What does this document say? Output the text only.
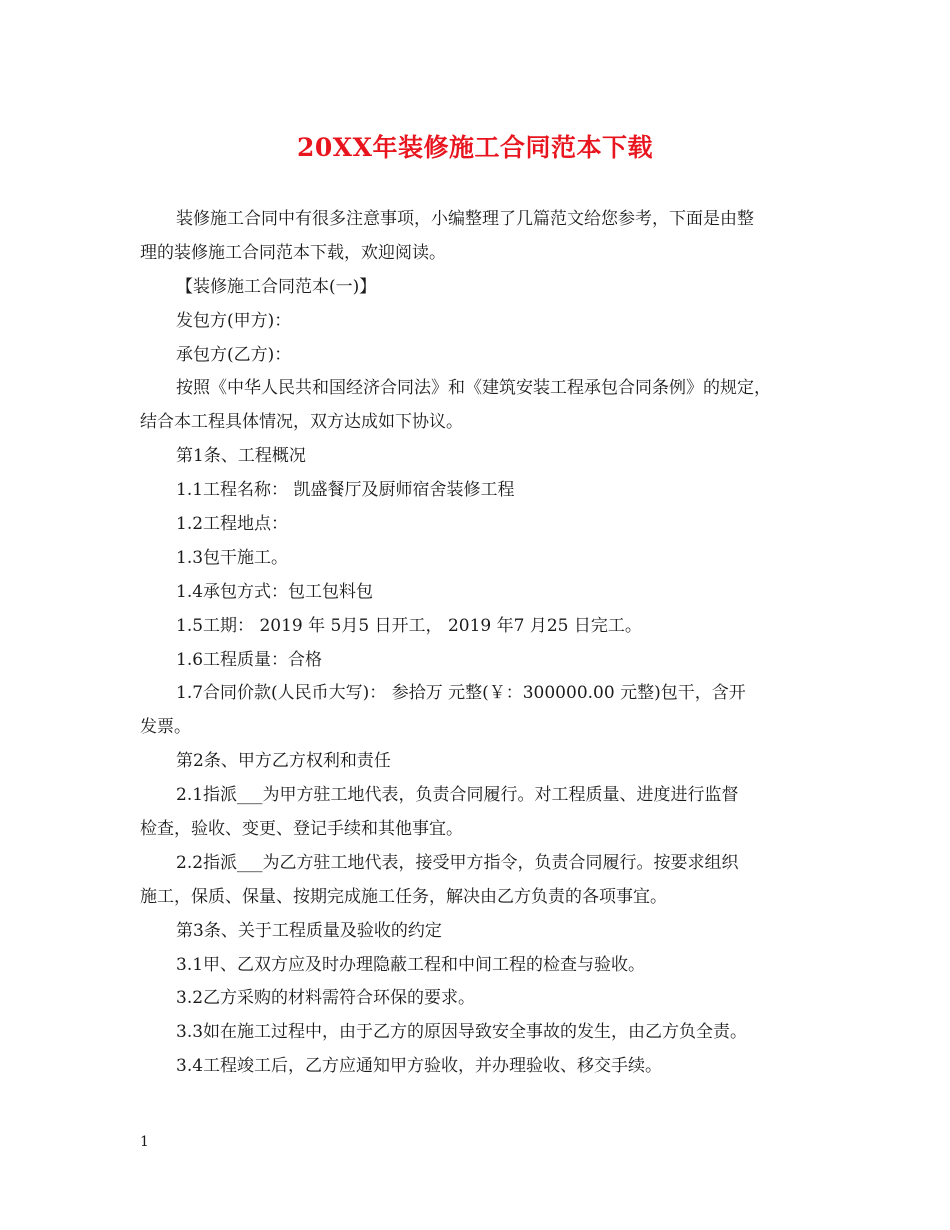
20XX年装修施工合同范本下载
装修施工合同中有很多注意事项，小编整理了几篇范文给您参考，下面是由整
理的装修施工合同范本下载，欢迎阅读。
【装修施工合同范本(一)】
发包方(甲方)：
承包方(乙方)：
按照《中华人民共和国经济合同法》和《建筑安装工程承包合同条例》的规定，
结合本工程具体情况，双方达成如下协议。
第1条、工程概况
1.1工程名称： 凯盛餐厅及厨师宿舍装修工程
1.2工程地点：
1.3包干施工。
1.4承包方式：包工包料包
1.5工期： 2019 年 5月5 日开工， 2019 年7 月25 日完工。
1.6工程质量：合格
1.7合同价款(人民币大写)： 参拾万 元整(￥：300000.00 元整)包干，含开
发票。
第2条、甲方乙方权利和责任
2.1指派___为甲方驻工地代表，负责合同履行。对工程质量、进度进行监督
检查，验收、变更、登记手续和其他事宜。
2.2指派___为乙方驻工地代表，接受甲方指令，负责合同履行。按要求组织
施工，保质、保量、按期完成施工任务，解决由乙方负责的各项事宜。
第3条、关于工程质量及验收的约定
3.1甲、乙双方应及时办理隐蔽工程和中间工程的检查与验收。
3.2乙方采购的材料需符合环保的要求。
3.3如在施工过程中，由于乙方的原因导致安全事故的发生，由乙方负全责。
3.4工程竣工后，乙方应通知甲方验收，并办理验收、移交手续。
1
